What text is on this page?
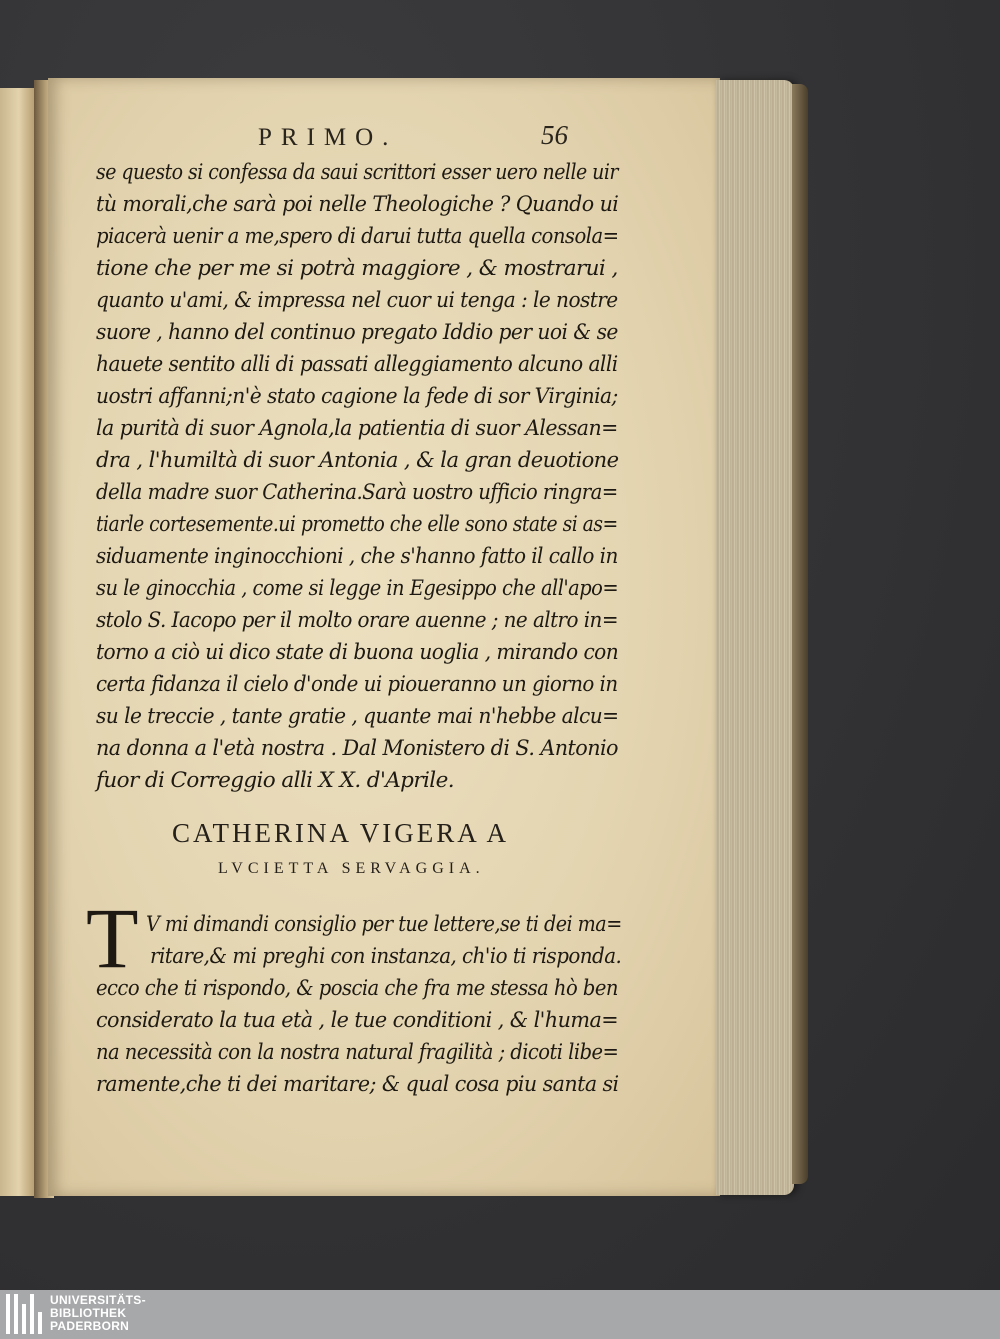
PRIMO.	56
se questo si confessa da saui scrittori esser uero nelle uir
tù morali,che sarà poi nelle Theologiche ? Quando ui
piacerà uenir a me,spero di darui tutta quella consola=
tione che per me si potrà maggiore , & mostrarui ,
quanto u'ami, & impressa nel cuor ui tenga : le nostre
suore , hanno del continuo pregato Iddio per uoi & se
hauete sentito alli di passati alleggiamento alcuno alli
uostri affanni;n'è stato cagione la fede di sor Virginia;
la purità di suor Agnola,la patientia di suor Alessan=
dra , l'humiltà di suor Antonia , & la gran deuotione
della madre suor Catherina.Sarà uostro ufficio ringra=
tiarle cortesemente.ui prometto che elle sono state si as=
siduamente inginocchioni , che s'hanno fatto il callo in
su le ginocchia , come si legge in Egesippo che all'apo=
stolo S. Iacopo per il molto orare auenne ; ne altro in=
torno a ciò ui dico state di buona uoglia , mirando con
certa fidanza il cielo d'onde ui pioueranno un giorno in
su le treccie , tante gratie , quante mai n'hebbe alcu=
na donna a l'età nostra . Dal Monistero di S. Antonio
fuor di Correggio alli X X. d'Aprile.
CATHERINA VIGERA A
LVCIETTA SERVAGGIA.
T V mi dimandi consiglio per tue lettere,se ti dei ma=
ritare,& mi preghi con instanza, ch'io ti risponda.
ecco che ti rispondo, & poscia che fra me stessa hò ben
considerato la tua età , le tue conditioni , & l'huma=
na necessità con la nostra natural fragilità ; dicoti libe=
ramente,che ti dei maritare; & qual cosa piu santa si
UNIVERSITÄTS-
BIBLIOTHEK
PADERBORN
